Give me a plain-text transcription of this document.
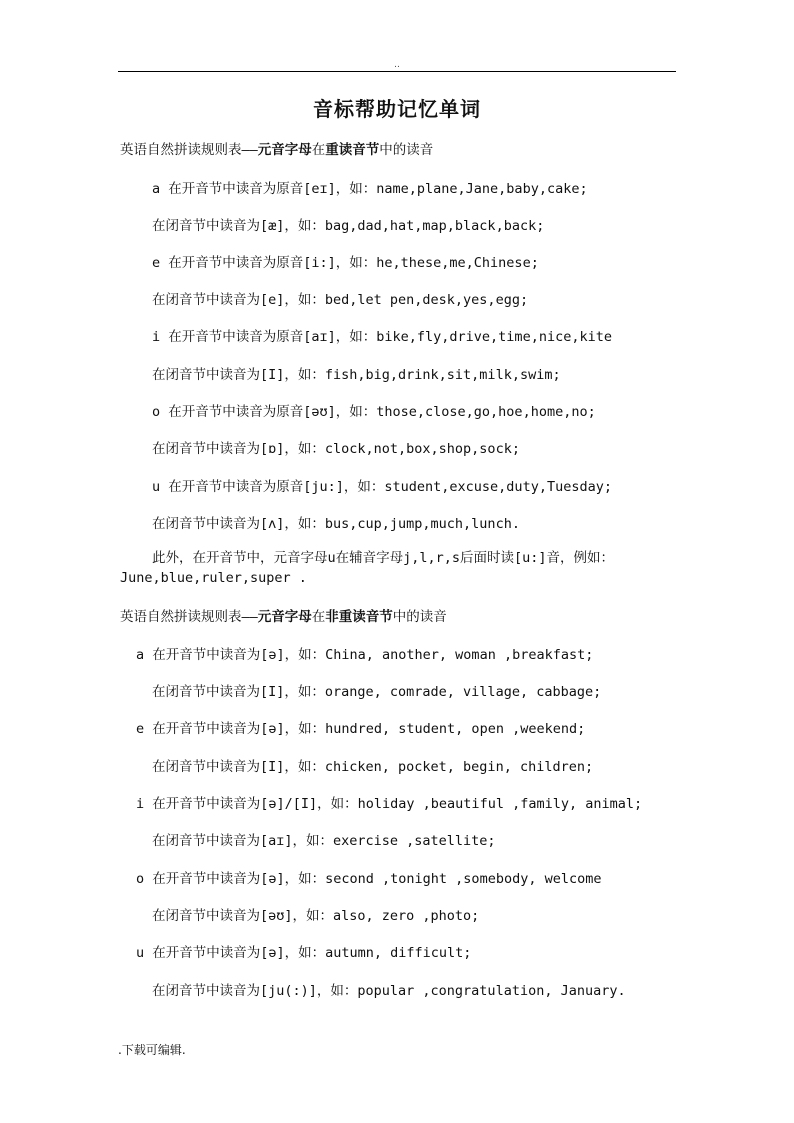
..
音标帮助记忆单词
英语自然拼读规则表——元音字母在重读音节中的读音
a 在开音节中读音为原音[eɪ]，如：name,plane,Jane,baby,cake;
在闭音节中读音为[æ]，如：bag,dad,hat,map,black,back;
e 在开音节中读音为原音[i:]，如：he,these,me,Chinese;
在闭音节中读音为[e]，如：bed,let pen,desk,yes,egg;
i 在开音节中读音为原音[aɪ]，如：bike,fly,drive,time,nice,kite
在闭音节中读音为[I]，如：fish,big,drink,sit,milk,swim;
o 在开音节中读音为原音[əʊ]，如：those,close,go,hoe,home,no;
在闭音节中读音为[ɒ]，如：clock,not,box,shop,sock;
u 在开音节中读音为原音[ju:]，如：student,excuse,duty,Tuesday;
在闭音节中读音为[ʌ]，如：bus,cup,jump,much,lunch.
此外，在开音节中，元音字母u在辅音字母j,l,r,s后面时读[u:]音，例如：June,blue,ruler,super .
英语自然拼读规则表——元音字母在非重读音节中的读音
a 在开音节中读音为[ə]，如：China, another, woman ,breakfast;
在闭音节中读音为[I]，如：orange, comrade, village, cabbage;
e 在开音节中读音为[ə]，如：hundred, student, open ,weekend;
在闭音节中读音为[I]，如：chicken, pocket, begin, children;
i 在开音节中读音为[ə]/[I]，如：holiday ,beautiful ,family, animal;
在闭音节中读音为[aɪ]，如：exercise ,satellite;
o 在开音节中读音为[ə]，如：second ,tonight ,somebody, welcome
在闭音节中读音为[əʊ]，如：also, zero ,photo;
u 在开音节中读音为[ə]，如：autumn, difficult;
在闭音节中读音为[ju(:)]，如：popular ,congratulation, January.
.下载可编辑.
